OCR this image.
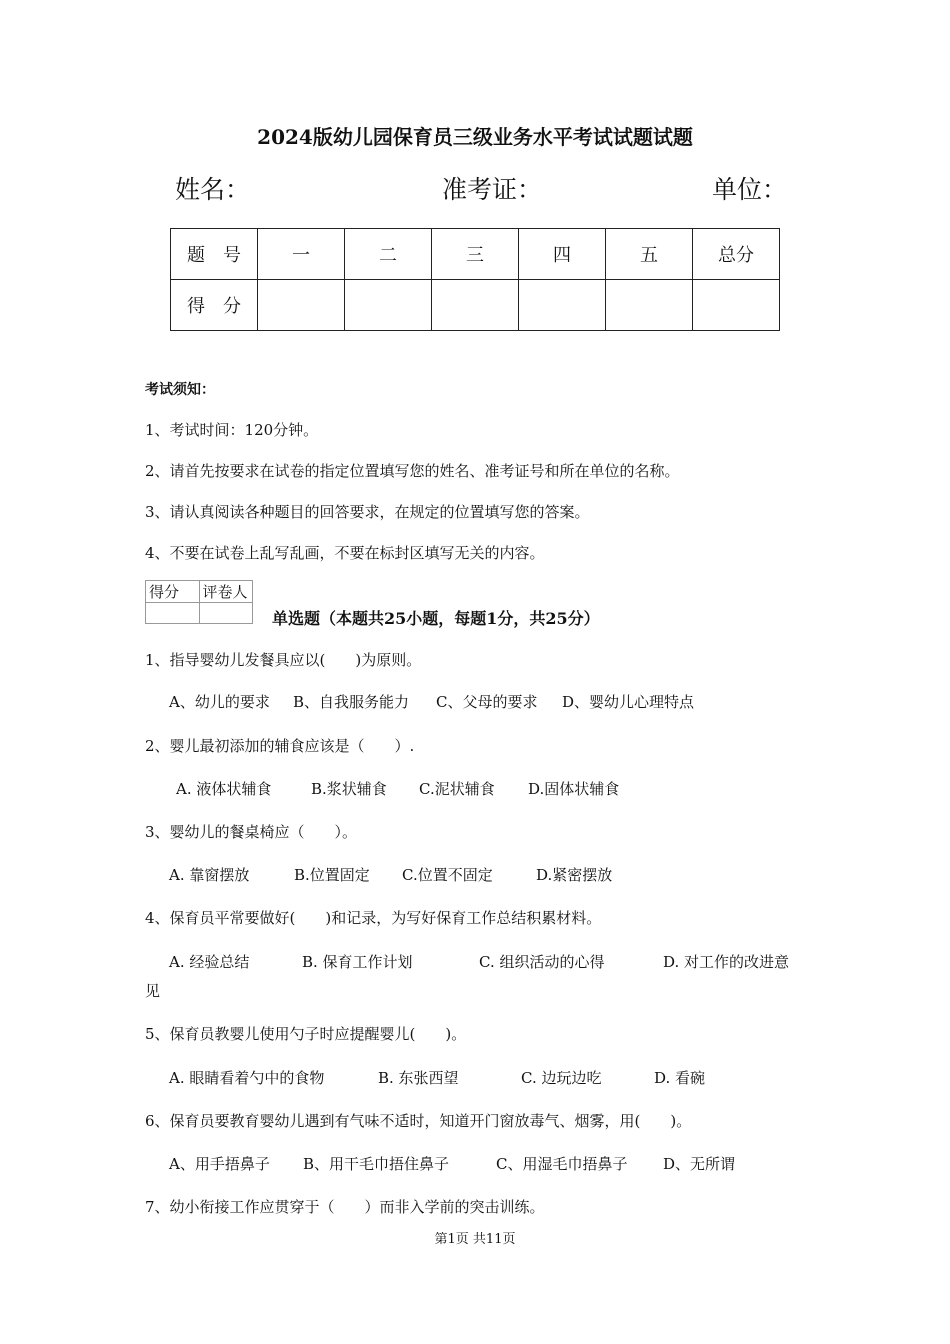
2024版幼儿园保育员三级业务水平考试试题试题
姓名：	准考证：	单位：
题　号	一	二	三	四	五	总分
得　分						
考试须知：
1、考试时间：120分钟。
2、请首先按要求在试卷的指定位置填写您的姓名、准考证号和所在单位的名称。
3、请认真阅读各种题目的回答要求，在规定的位置填写您的答案。
4、不要在试卷上乱写乱画，不要在标封区填写无关的内容。
得分	评卷人

单选题（本题共25小题，每题1分，共25分）
1、指导婴幼儿发餐具应以(　　)为原则。
A、幼儿的要求 B、自我服务能力 C、父母的要求 D、婴幼儿心理特点
2、婴儿最初添加的辅食应该是（　　）.
A. 液体状辅食	B.浆状辅食 C.泥状辅食 D.固体状辅食
3、婴幼儿的餐桌椅应（　　）。
A. 靠窗摆放	B.位置固定 C.位置不固定	D.紧密摆放
4、保育员平常要做好(　　)和记录，为写好保育工作总结积累材料。
A. 经验总结	B. 保育工作计划	C. 组织活动的心得	D. 对工作的改进意
见
5、保育员教婴儿使用勺子时应提醒婴儿(　　)。
A. 眼睛看着勺中的食物	B. 东张西望	C. 边玩边吃	D. 看碗
6、保育员要教育婴幼儿遇到有气味不适时，知道开门窗放毒气、烟雾，用(　　)。
A、用手捂鼻子 B、用干毛巾捂住鼻子	C、用湿毛巾捂鼻子 D、无所谓
7、幼小衔接工作应贯穿于（　　）而非入学前的突击训练。
第1页 共11页
